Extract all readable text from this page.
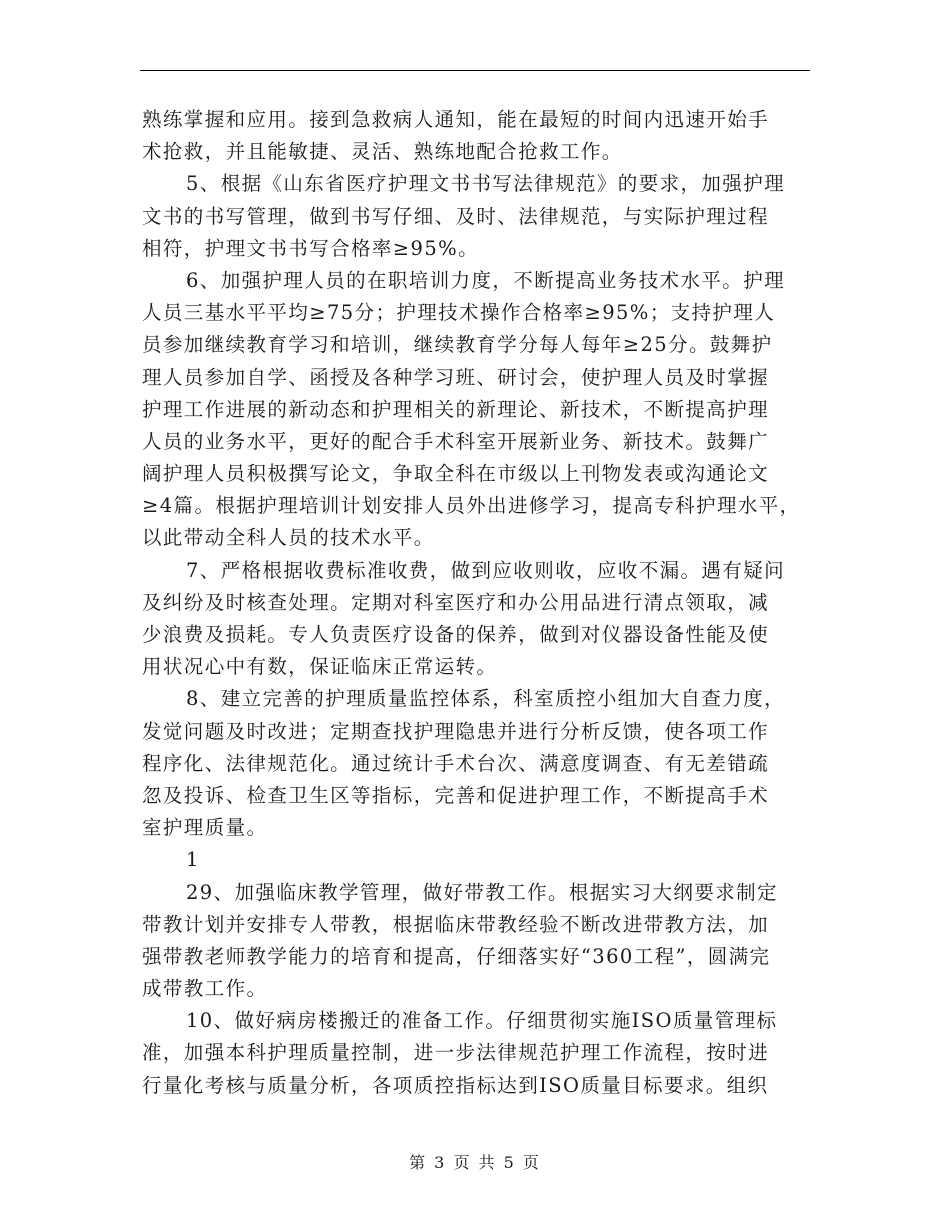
熟练掌握和应用。接到急救病人通知，能在最短的时间内迅速开始手
术抢救，并且能敏捷、灵活、熟练地配合抢救工作。
5、根据《山东省医疗护理文书书写法律规范》的要求，加强护理
文书的书写管理，做到书写仔细、及时、法律规范，与实际护理过程
相符，护理文书书写合格率≥95%。
6、加强护理人员的在职培训力度，不断提高业务技术水平。护理
人员三基水平平均≥75分；护理技术操作合格率≥95%；支持护理人
员参加继续教育学习和培训，继续教育学分每人每年≥25分。鼓舞护
理人员参加自学、函授及各种学习班、研讨会，使护理人员及时掌握
护理工作进展的新动态和护理相关的新理论、新技术，不断提高护理
人员的业务水平，更好的配合手术科室开展新业务、新技术。鼓舞广
阔护理人员积极撰写论文，争取全科在市级以上刊物发表或沟通论文
≥4篇。根据护理培训计划安排人员外出进修学习，提高专科护理水平，
以此带动全科人员的技术水平。
7、严格根据收费标准收费，做到应收则收，应收不漏。遇有疑问
及纠纷及时核查处理。定期对科室医疗和办公用品进行清点领取，减
少浪费及损耗。专人负责医疗设备的保养，做到对仪器设备性能及使
用状况心中有数，保证临床正常运转。
8、建立完善的护理质量监控体系，科室质控小组加大自查力度，
发觉问题及时改进；定期查找护理隐患并进行分析反馈，使各项工作
程序化、法律规范化。通过统计手术台次、满意度调查、有无差错疏
忽及投诉、检查卫生区等指标，完善和促进护理工作，不断提高手术
室护理质量。
1
29、加强临床教学管理，做好带教工作。根据实习大纲要求制定
带教计划并安排专人带教，根据临床带教经验不断改进带教方法，加
强带教老师教学能力的培育和提高，仔细落实好“360工程”，圆满完
成带教工作。
10、做好病房楼搬迁的准备工作。仔细贯彻实施ISO质量管理标
准，加强本科护理质量控制，进一步法律规范护理工作流程，按时进
行量化考核与质量分析，各项质控指标达到ISO质量目标要求。组织
第 3 页 共 5 页
